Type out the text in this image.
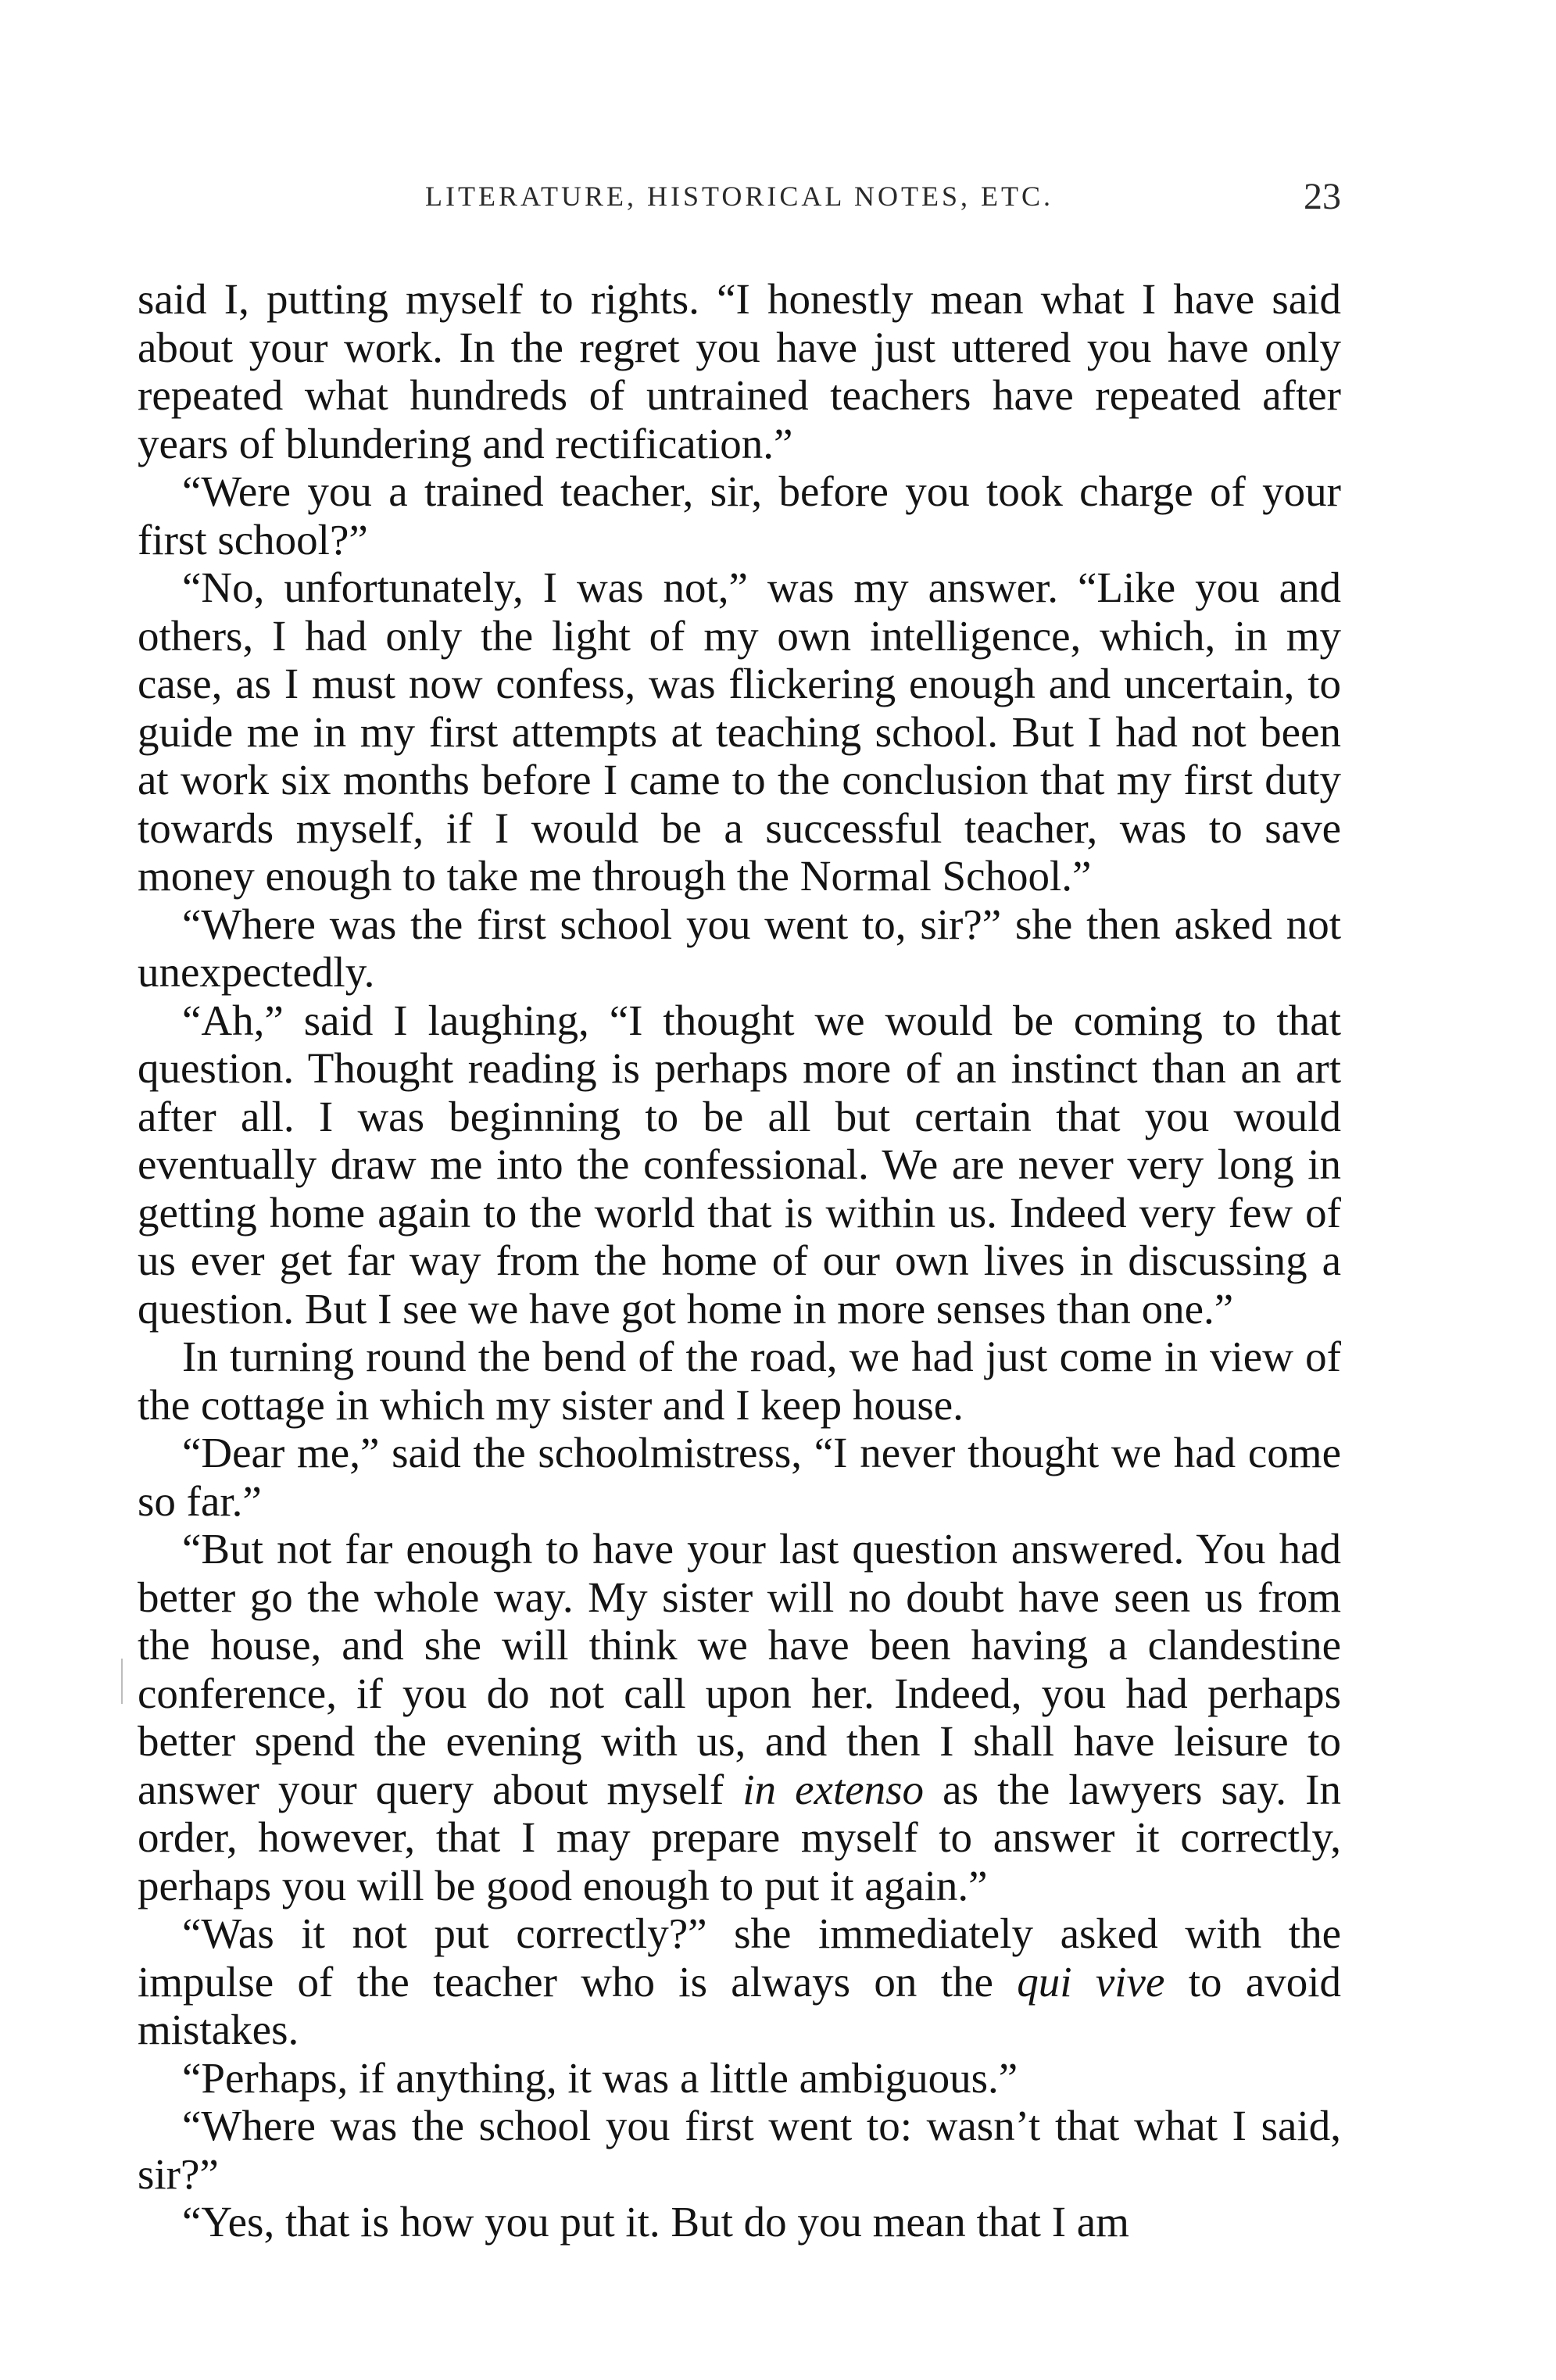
LITERATURE, HISTORICAL NOTES, ETC.	23

said I, putting myself to rights. “I honestly mean what I have said about your work. In the regret you have just uttered you have only repeated what hundreds of untrained teachers have repeated after years of blundering and rectification.”

“Were you a trained teacher, sir, before you took charge of your first school?”

“No, unfortunately, I was not,” was my answer. “Like you and others, I had only the light of my own intelligence, which, in my case, as I must now confess, was flickering enough and uncertain, to guide me in my first attempts at teaching school. But I had not been at work six months before I came to the conclusion that my first duty towards myself, if I would be a successful teacher, was to save money enough to take me through the Normal School.”

“Where was the first school you went to, sir?” she then asked not unexpectedly.

“Ah,” said I laughing, “I thought we would be coming to that question. Thought reading is perhaps more of an instinct than an art after all. I was beginning to be all but certain that you would eventually draw me into the confessional. We are never very long in getting home again to the world that is within us. Indeed very few of us ever get far way from the home of our own lives in discussing a question. But I see we have got home in more senses than one.”

In turning round the bend of the road, we had just come in view of the cottage in which my sister and I keep house.

“Dear me,” said the schoolmistress, “I never thought we had come so far.”

“But not far enough to have your last question answered. You had better go the whole way. My sister will no doubt have seen us from the house, and she will think we have been having a clandestine conference, if you do not call upon her. Indeed, you had perhaps better spend the evening with us, and then I shall have leisure to answer your query about myself in extenso as the lawyers say. In order, however, that I may prepare myself to answer it correctly, perhaps you will be good enough to put it again.”

“Was it not put correctly?” she immediately asked with the impulse of the teacher who is always on the qui vive to avoid mistakes.

“Perhaps, if anything, it was a little ambiguous.”

“Where was the school you first went to: wasn’t that what I said, sir?”

“Yes, that is how you put it. But do you mean that I am
